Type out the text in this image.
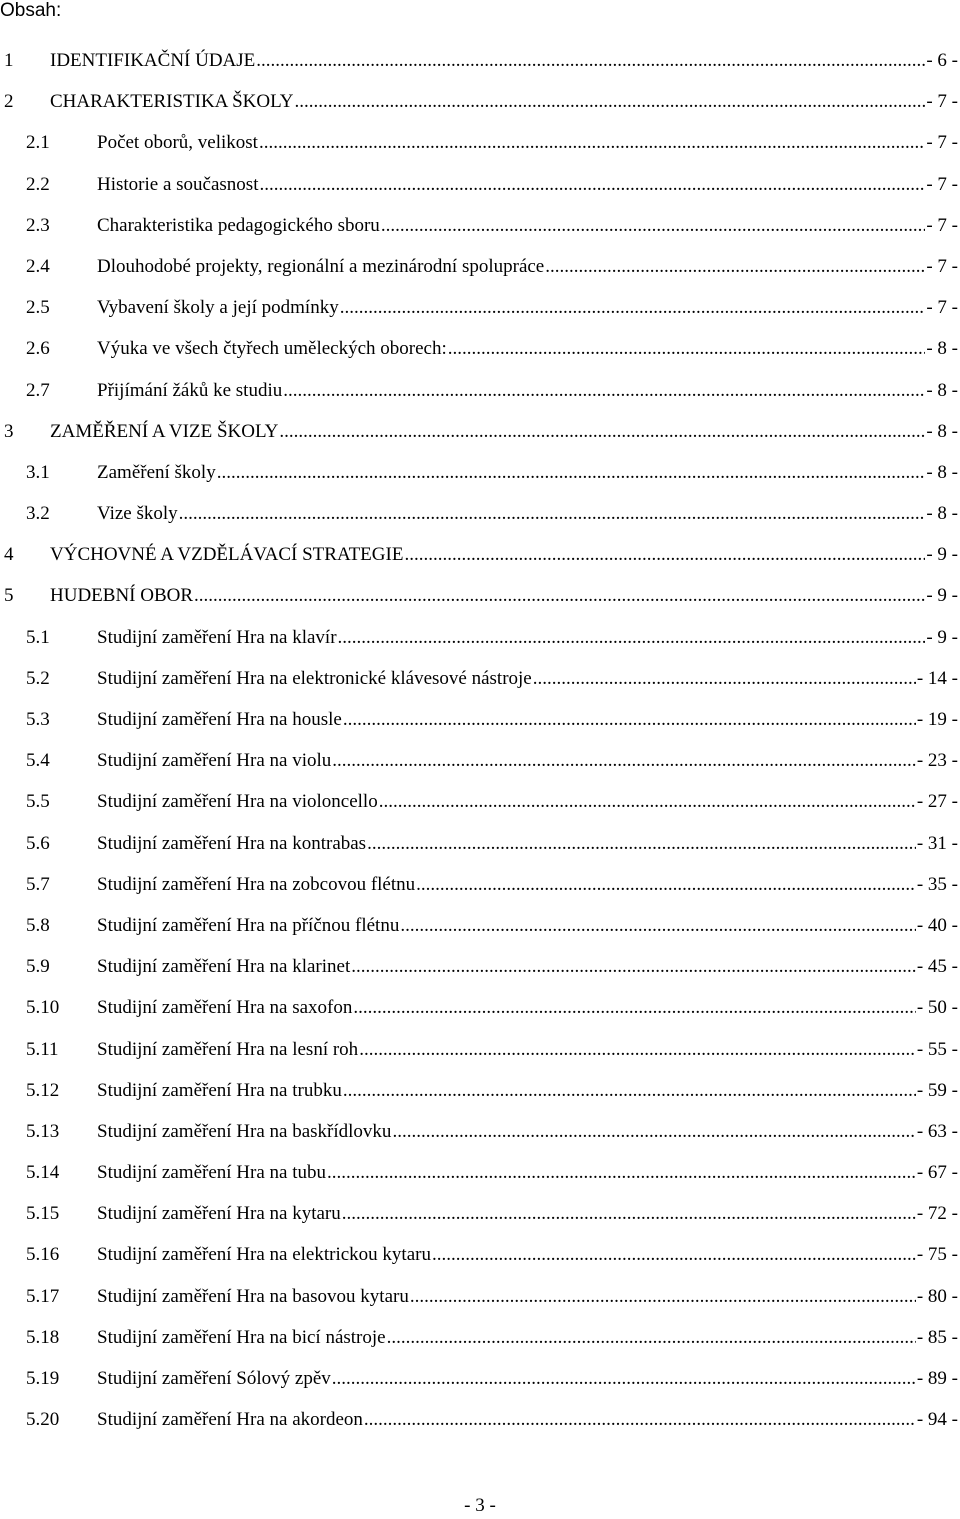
Obsah:
1	IDENTIFIKAČNÍ ÚDAJE .....	- 6 -
2	CHARAKTERISTIKA ŠKOLY .....	- 7 -
2.1	Počet oborů, velikost .....	- 7 -
2.2	Historie a současnost .....	- 7 -
2.3	Charakteristika pedagogického sboru .....	- 7 -
2.4	Dlouhodobé projekty, regionální a mezinárodní spolupráce .....	- 7 -
2.5	Vybavení školy a její podmínky .....	- 7 -
2.6	Výuka ve všech čtyřech uměleckých oborech: .....	- 8 -
2.7	Přijímání žáků ke studiu .....	- 8 -
3	ZAMĚŘENÍ A VIZE ŠKOLY .....	- 8 -
3.1	Zaměření školy .....	- 8 -
3.2	Vize školy .....	- 8 -
4	VÝCHOVNÉ A VZDĚLÁVACÍ STRATEGIE .....	- 9 -
5	HUDEBNÍ OBOR .....	- 9 -
5.1	Studijní zaměření Hra na klavír .....	- 9 -
5.2	Studijní zaměření Hra na elektronické klávesové nástroje .....	- 14 -
5.3	Studijní zaměření Hra na housle .....	- 19 -
5.4	Studijní zaměření Hra na violu .....	- 23 -
5.5	Studijní zaměření Hra na violoncello .....	- 27 -
5.6	Studijní zaměření Hra na kontrabas .....	- 31 -
5.7	Studijní zaměření Hra na zobcovou flétnu .....	- 35 -
5.8	Studijní zaměření Hra na příčnou flétnu .....	- 40 -
5.9	Studijní zaměření Hra na klarinet .....	- 45 -
5.10	Studijní zaměření Hra na saxofon .....	- 50 -
5.11	Studijní zaměření Hra na lesní roh .....	- 55 -
5.12	Studijní zaměření Hra na trubku .....	- 59 -
5.13	Studijní zaměření Hra na baskřídlovku .....	- 63 -
5.14	Studijní zaměření Hra na tubu .....	- 67 -
5.15	Studijní zaměření Hra na kytaru .....	- 72 -
5.16	Studijní zaměření Hra na elektrickou kytaru .....	- 75 -
5.17	Studijní zaměření Hra na basovou kytaru .....	- 80 -
5.18	Studijní zaměření Hra na bicí nástroje .....	- 85 -
5.19	Studijní zaměření Sólový zpěv .....	- 89 -
5.20	Studijní zaměření Hra na akordeon .....	- 94 -
- 3 -
